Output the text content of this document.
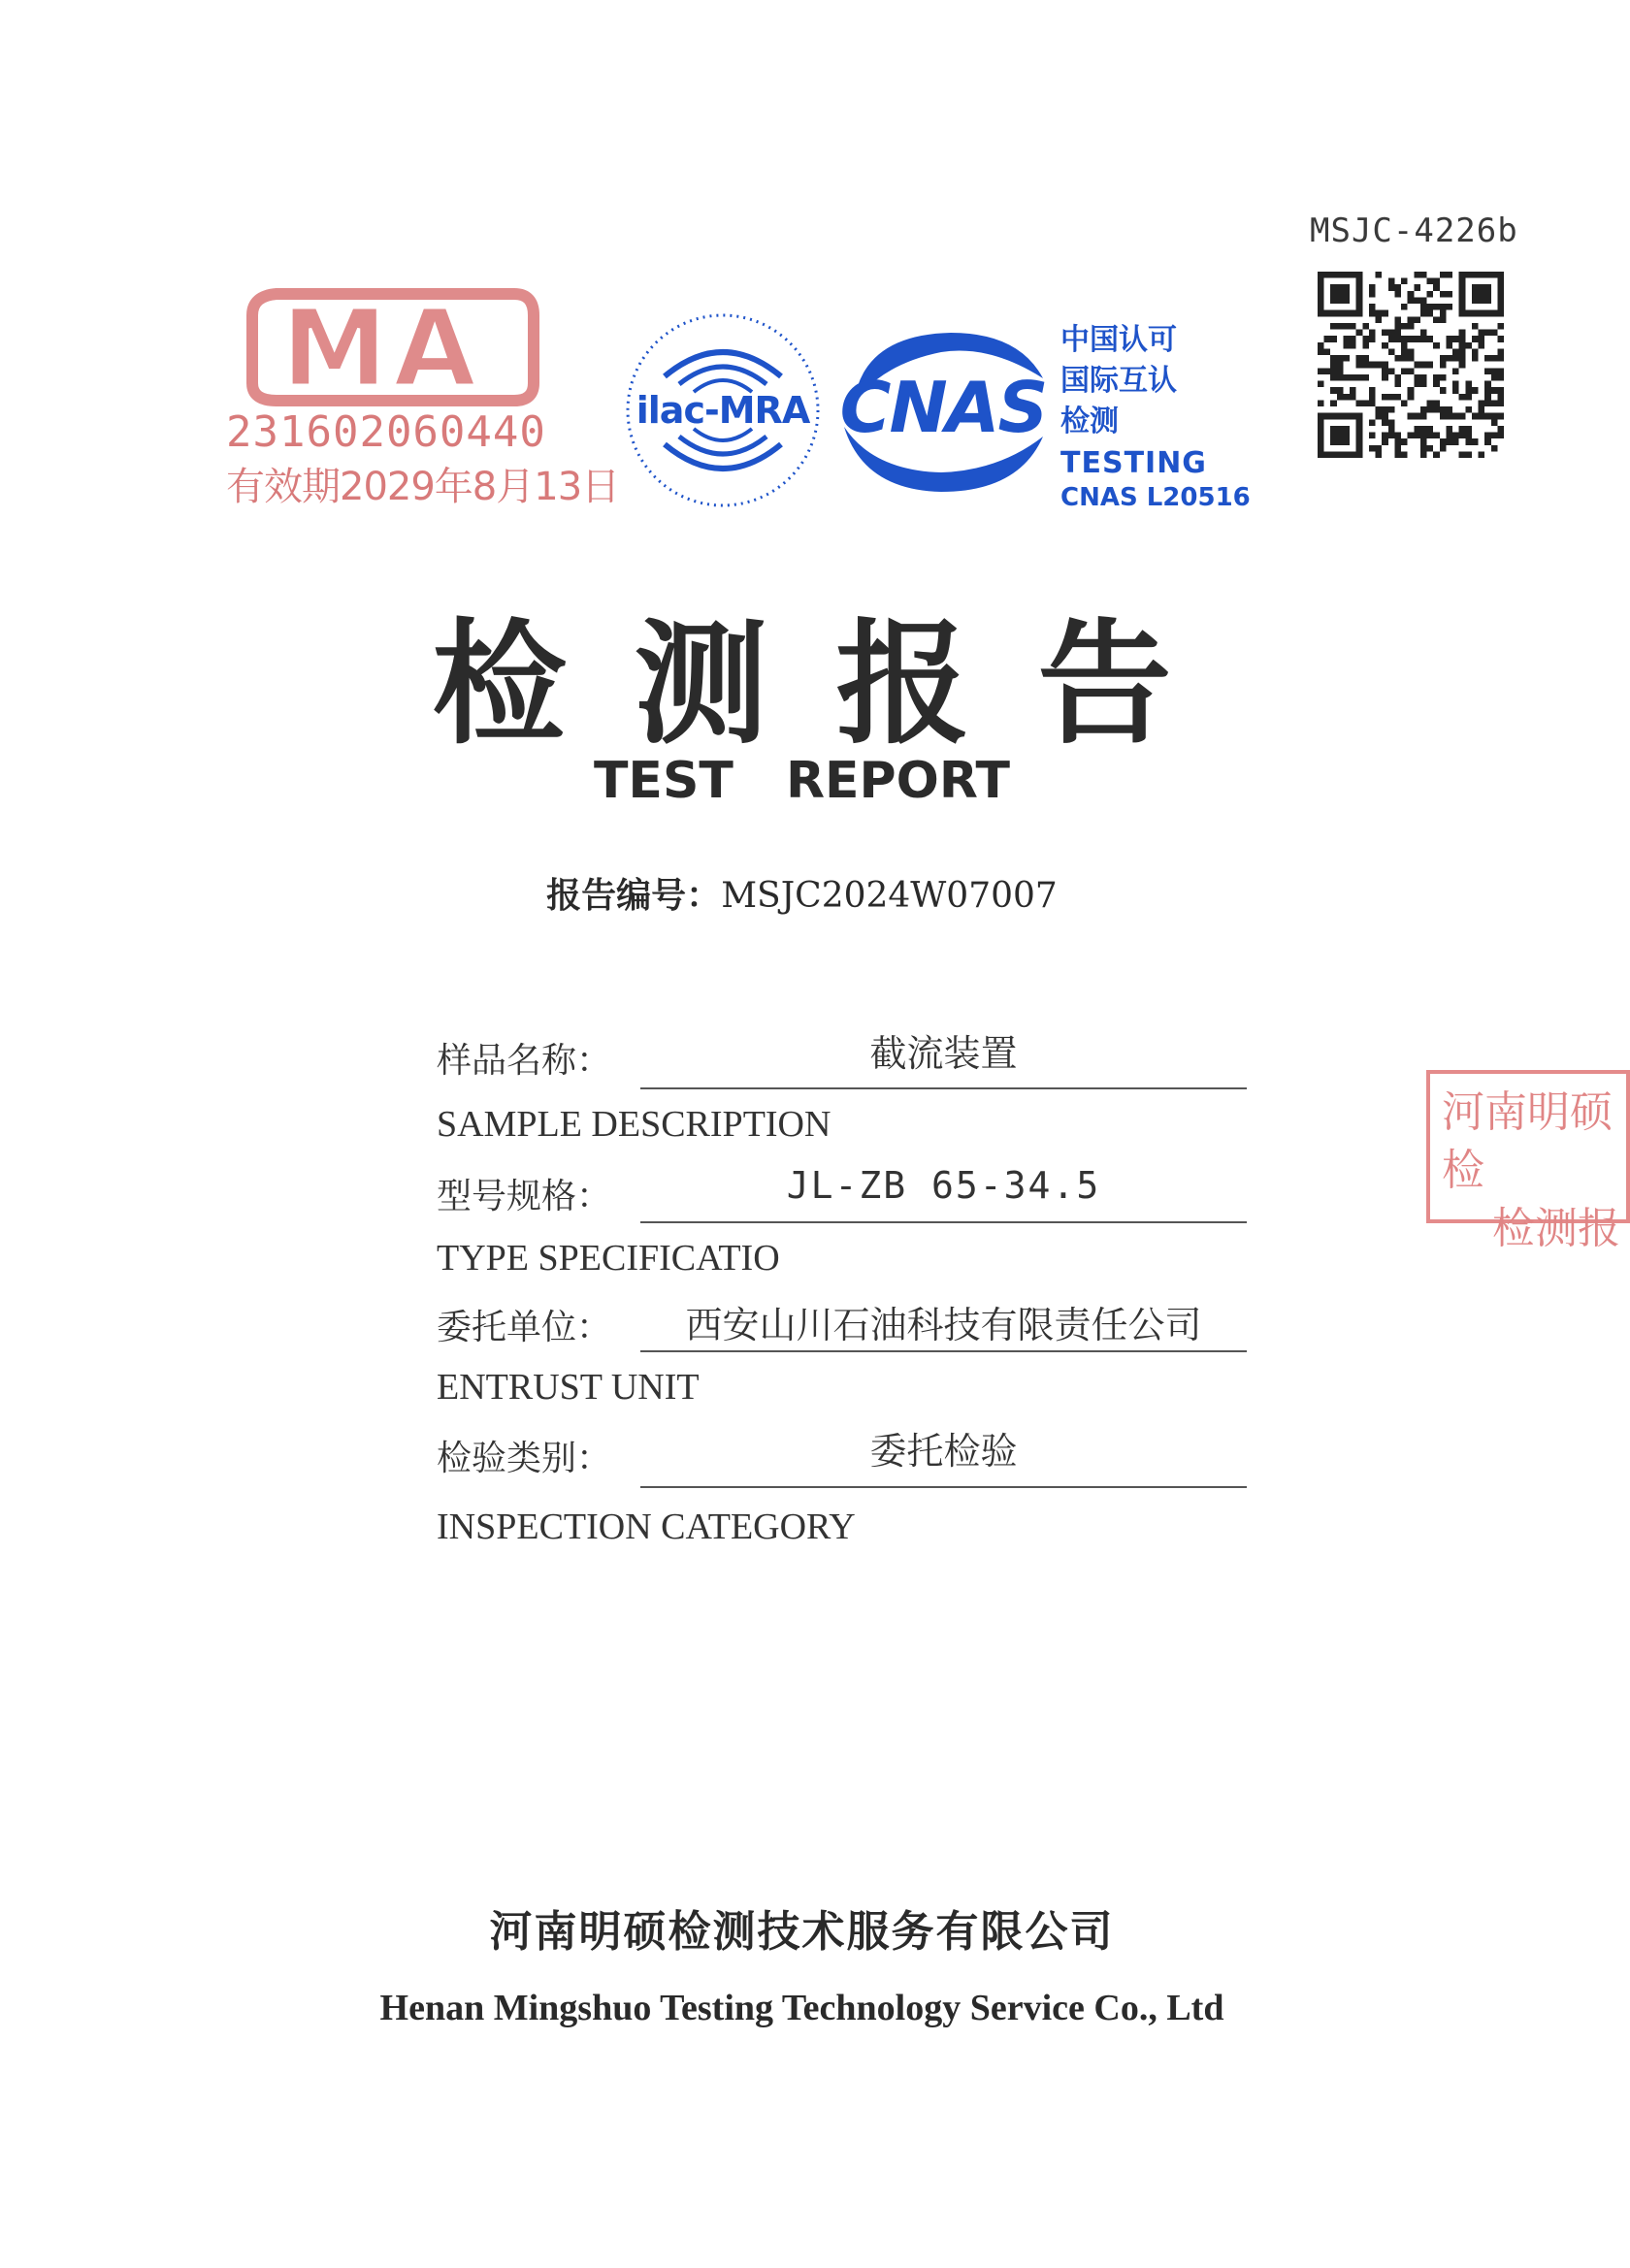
MSJC-4226b
MA
231602060440
有效期2029年8月13日
ilac-MRA CNAS
中国认可
国际互认
检测
TESTING
CNAS L20516
检测报告
TEST REPORT
报告编号：MSJC2024W07007
样品名称：	截流装置
SAMPLE DESCRIPTION
型号规格：	JL-ZB 65-34.5
TYPE SPECIFICATIO
委托单位：	西安山川石油科技有限责任公司
ENTRUST UNIT
检验类别：	委托检验
INSPECTION CATEGORY
河南明硕检
检测报
河南明硕检测技术服务有限公司
Henan Mingshuo Testing Technology Service Co., Ltd
